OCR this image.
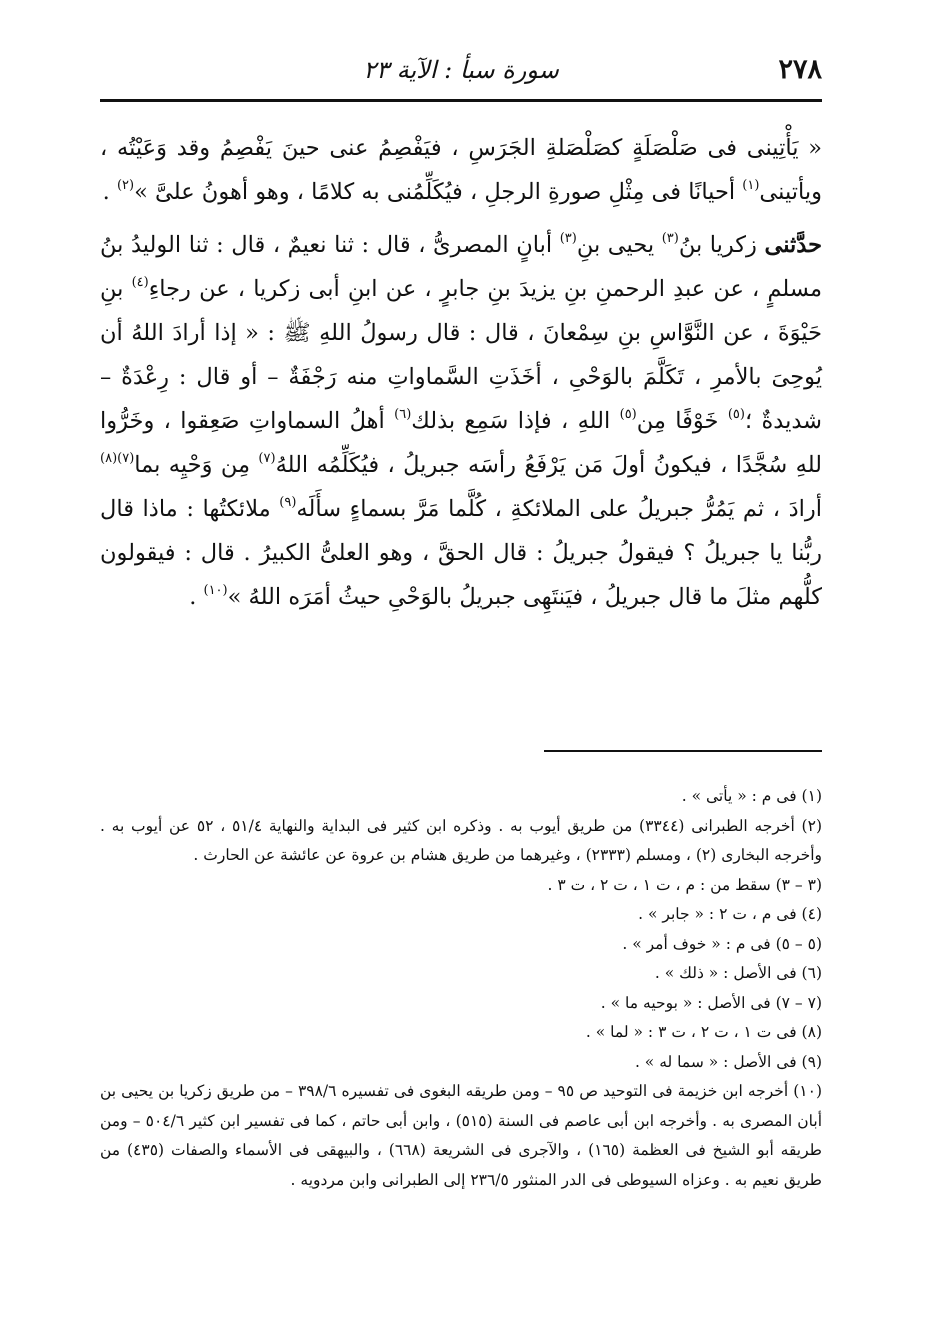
٢٧٨
سورة سبأ : الآية ٢٣

« يَأْتِينى فى صَلْصَلَةٍ كصَلْصَلةِ الجَرَسِ ، فيَفْصِمُ عنى حينَ يَفْصِمُ وقد وَعَيْتُه ، ويأتينى$^{(١)}$ أحيانًا فى مِثْلِ صورةِ الرجلِ ، فيُكَلِّمُنى به كلامًا ، وهو أهونُ علىَّ »$^{(٢)}$ .

حدَّثنى زكريا بنُ$^{(٣)}$ يحيى بنِ$^{(٣)}$ أبانٍ المصرىُّ ، قال : ثنا نعيمٌ ، قال : ثنا الوليدُ بنُ مسلمٍ ، عن عبدِ الرحمنِ بنِ يزيدَ بنِ جابرٍ ، عن ابنِ أبى زكريا ، عن رجاءِ$^{(٤)}$ بنِ حَيْوَةَ ، عن النَّوَّاسِ بنِ سِمْعانَ ، قال : قال رسولُ اللهِ ﷺ : « إذا أرادَ اللهُ أن يُوحِىَ بالأمرِ ، تَكَلَّمَ بالوَحْىِ ، أخَذَتِ السَّماواتِ منه رَجْفَةٌ – أو قال : رِعْدَةٌ – شديدةٌ ؛$^{(٥)}$ خَوْفًا مِن$^{(٥)}$ اللهِ ، فإذا سَمِع بذلك$^{(٦)}$ أهلُ السماواتِ صَعِقوا ، وخَرُّوا للهِ سُجَّدًا ، فيكونُ أولَ مَن يَرْفَعُ رأسَه جبريلُ ، فيُكَلِّمُه اللهُ$^{(٧)}$ مِن وَحْيِه بما$^{(٧)(٨)}$ أرادَ ، ثم يَمُرُّ جبريلُ على الملائكةِ ، كُلَّما مَرَّ بسماءٍ سأَلَه$^{(٩)}$ ملائكتُها : ماذا قال ربُّنا يا جبريلُ ؟ فيقولُ جبريلُ : قال الحقَّ ، وهو العلىُّ الكبيرُ . قال : فيقولون كلُّهم مثلَ ما قال جبريلُ ، فيَنتَهِى جبريلُ بالوَحْىِ حيثُ أمَرَه اللهُ »$^{(١٠)}$ .

(١) فى م : « يأتى » .

(٢) أخرجه الطبرانى (٣٣٤٤) من طريق أيوب به . وذكره ابن كثير فى البداية والنهاية ٥١/٤ ، ٥٢ عن أيوب به . وأخرجه البخارى (٢) ، ومسلم (٢٣٣٣) ، وغيرهما من طريق هشام بن عروة عن عائشة عن الحارث .

(٣ – ٣) سقط من : م ، ت ١ ، ت ٢ ، ت ٣ .

(٤) فى م ، ت ٢ : « جابر » .

(٥ – ٥) فى م : « خوف أمر » .

(٦) فى الأصل : « ذلك » .

(٧ – ٧) فى الأصل : « بوحيه ما » .

(٨) فى ت ١ ، ت ٢ ، ت ٣ : « لما » .

(٩) فى الأصل : « سما له » .

(١٠) أخرجه ابن خزيمة فى التوحيد ص ٩٥ – ومن طريقه البغوى فى تفسيره ٣٩٨/٦ – من طريق زكريا بن يحيى بن أبان المصرى به . وأخرجه ابن أبى عاصم فى السنة (٥١٥) ، وابن أبى حاتم ، كما فى تفسير ابن كثير ٥٠٤/٦ – ومن طريقه أبو الشيخ فى العظمة (١٦٥) ، والآجرى فى الشريعة (٦٦٨) ، والبيهقى فى الأسماء والصفات (٤٣٥) من طريق نعيم به . وعزاه السيوطى فى الدر المنثور ٢٣٦/٥ إلى الطبرانى وابن مردويه .
